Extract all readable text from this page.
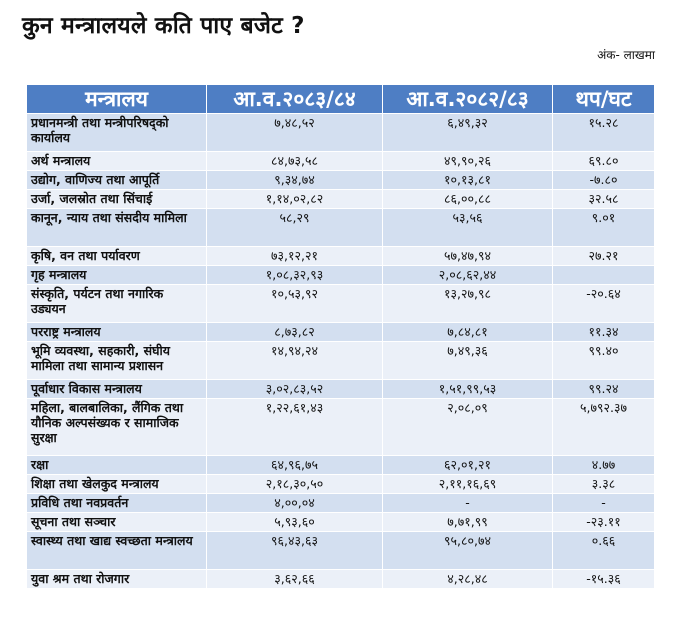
कुन मन्त्रालयले कति पाए बजेट ?
अंक- लाखमा
मन्त्रालय	आ.व.२०८३/८४	आ.व.२०८२/८३	थप/घट
प्रधानमन्त्री तथा मन्त्रीपरिषद्को कार्यालय	७,४८,५२	६,४९,३२	१५.२८
अर्थ मन्त्रालय	८४,७३,५८	४९,९०,२६	६९.८०
उद्योग, वाणिज्य तथा आपूर्ति	९,३४,७४	१०,१३,८१	-७.८०
उर्जा, जलस्रोत तथा सिंचाई	१,१४,०२,८२	८६,००,८८	३२.५८
कानून, न्याय तथा संसदीय मामिला	५८,२९	५३,५६	९.०१
कृषि, वन तथा पर्यावरण	७३,१२,२१	५७,४७,९४	२७.२१
गृह मन्त्रालय	१,०८,३२,९३	२,०८,६२,४४	
संस्कृति, पर्यटन तथा नगारिक उड्ययन	१०,५३,९२	१३,२७,९८	-२०.६४
परराष्ट्र मन्त्रालय	८,७३,८२	७,८४,८१	११.३४
भूमि व्यवस्था, सहकारी, संघीय मामिला तथा सामान्य प्रशासन	१४,९४,२४	७,४९,३६	९९.४०
पूर्वाधार विकास मन्त्रालय	३,०२,८३,५२	१,५१,९९,५३	९९.२४
महिला, बालबालिका, लैंगिक तथा यौनिक अल्पसंख्यक र सामाजिक सुरक्षा	१,२२,६१,४३	२,०८,०९	५,७९२.३७
रक्षा	६४,९६,७५	६२,०१,२१	४.७७
शिक्षा तथा खेलकुद मन्त्रालय	२,१८,३०,५०	२,११,१६,६९	३.३८
प्रविधि तथा नवप्रवर्तन	४,००,०४	-	-
सूचना तथा सञ्चार	५,९३,६०	७,७१,९९	-२३.११
स्वास्थ्य तथा खाद्य स्वच्छता मन्त्रालय	९६,४३,६३	९५,८०,७४	०.६६
युवा श्रम तथा रोजगार	३,६२,६६	४,२८,४८	-१५.३६
